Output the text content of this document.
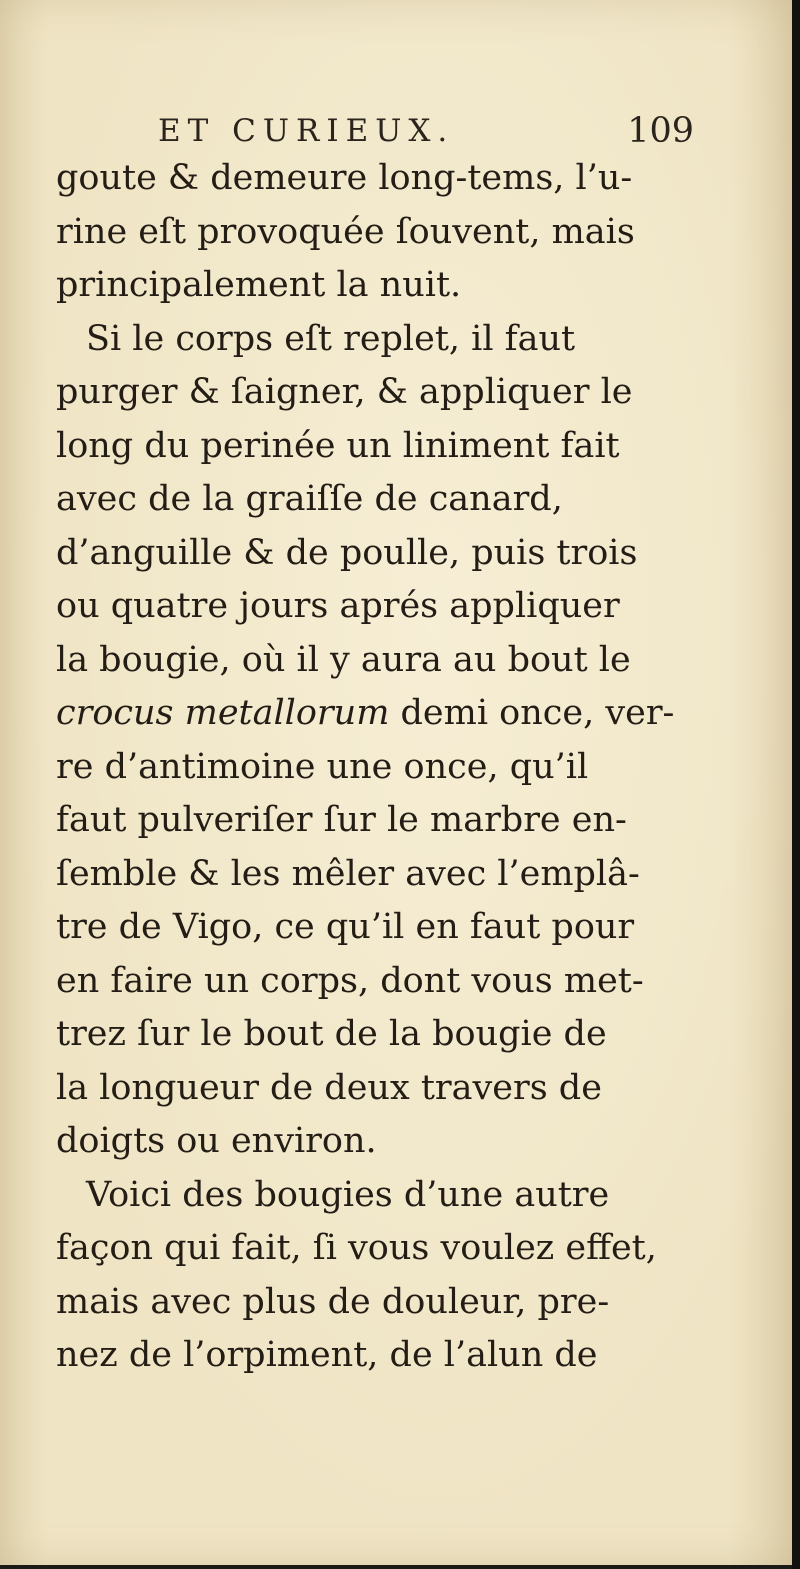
ET CURIEUX.	109
goute & demeure long-tems, l’u-
rine eſt provoquée ſouvent, mais
principalement la nuit.
Si le corps eſt replet, il faut
purger & ſaigner, & appliquer le
long du perinée un liniment fait
avec de la graiſſe de canard,
d’anguille & de poulle, puis trois
ou quatre jours aprés appliquer
la bougie, où il y aura au bout le
crocus metallorum demi once, ver-
re d’antimoine une once, qu’il
faut pulveriſer ſur le marbre en-
ſemble & les mêler avec l’emplâ-
tre de Vigo, ce qu’il en faut pour
en faire un corps, dont vous met-
trez ſur le bout de la bougie de
la longueur de deux travers de
doigts ou environ.
Voici des bougies d’une autre
façon qui fait, ſi vous voulez effet,
mais avec plus de douleur, pre-
nez de l’orpiment, de l’alun de
